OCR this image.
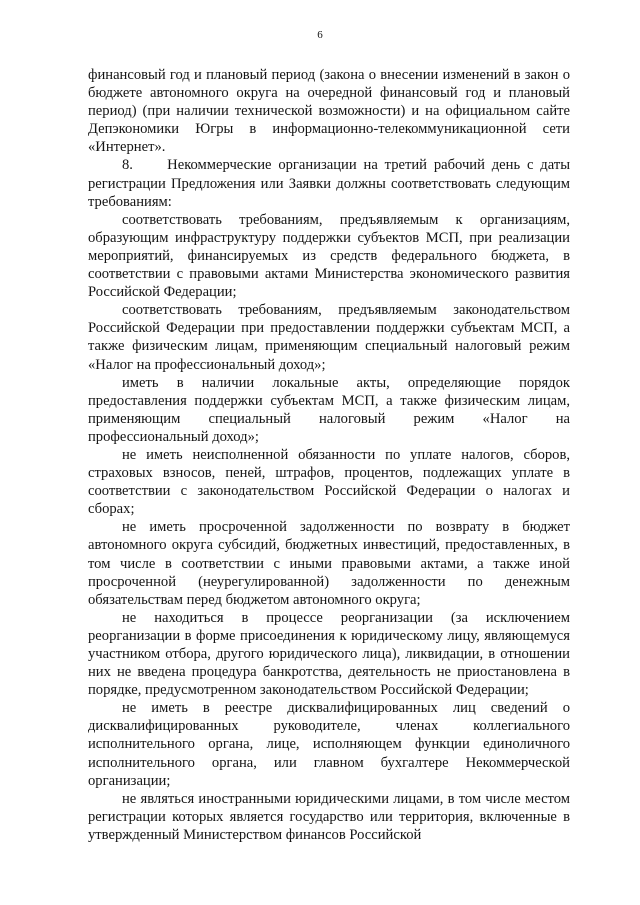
6

финансовый год и плановый период (закона о внесении изменений в закон о бюджете автономного округа на очередной финансовый год и плановый период) (при наличии технической возможности) и на официальном сайте Депэкономики Югры в информационно-телекоммуникационной сети «Интернет».

8.     Некоммерческие организации на третий рабочий день с даты регистрации Предложения или Заявки должны соответствовать следующим требованиям:

соответствовать требованиям, предъявляемым к организациям, образующим инфраструктуру поддержки субъектов МСП, при реализации мероприятий, финансируемых из средств федерального бюджета, в соответствии с правовыми актами Министерства экономического развития Российской Федерации;

соответствовать требованиям, предъявляемым законодательством Российской Федерации при предоставлении поддержки субъектам МСП, а также физическим лицам, применяющим специальный налоговый режим «Налог на профессиональный доход»;

иметь в наличии локальные акты, определяющие порядок предоставления поддержки субъектам МСП, а также физическим лицам, применяющим специальный налоговый режим «Налог на профессиональный доход»;

не иметь неисполненной обязанности по уплате налогов, сборов, страховых взносов, пеней, штрафов, процентов, подлежащих уплате в соответствии с законодательством Российской Федерации о налогах и сборах;

не иметь просроченной задолженности по возврату в бюджет автономного округа субсидий, бюджетных инвестиций, предоставленных, в том числе в соответствии с иными правовыми актами, а также иной просроченной (неурегулированной) задолженности по денежным обязательствам перед бюджетом автономного округа;

не находиться в процессе реорганизации (за исключением реорганизации в форме присоединения к юридическому лицу, являющемуся участником отбора, другого юридического лица), ликвидации, в отношении них не введена процедура банкротства, деятельность не приостановлена в порядке, предусмотренном законодательством Российской Федерации;

не иметь в реестре дисквалифицированных лиц сведений о дисквалифицированных руководителе, членах коллегиального исполнительного органа, лице, исполняющем функции единоличного исполнительного органа, или главном бухгалтере Некоммерческой организации;

не являться иностранными юридическими лицами, в том числе местом регистрации которых является государство или территория, включенные в утвержденный Министерством финансов Российской
